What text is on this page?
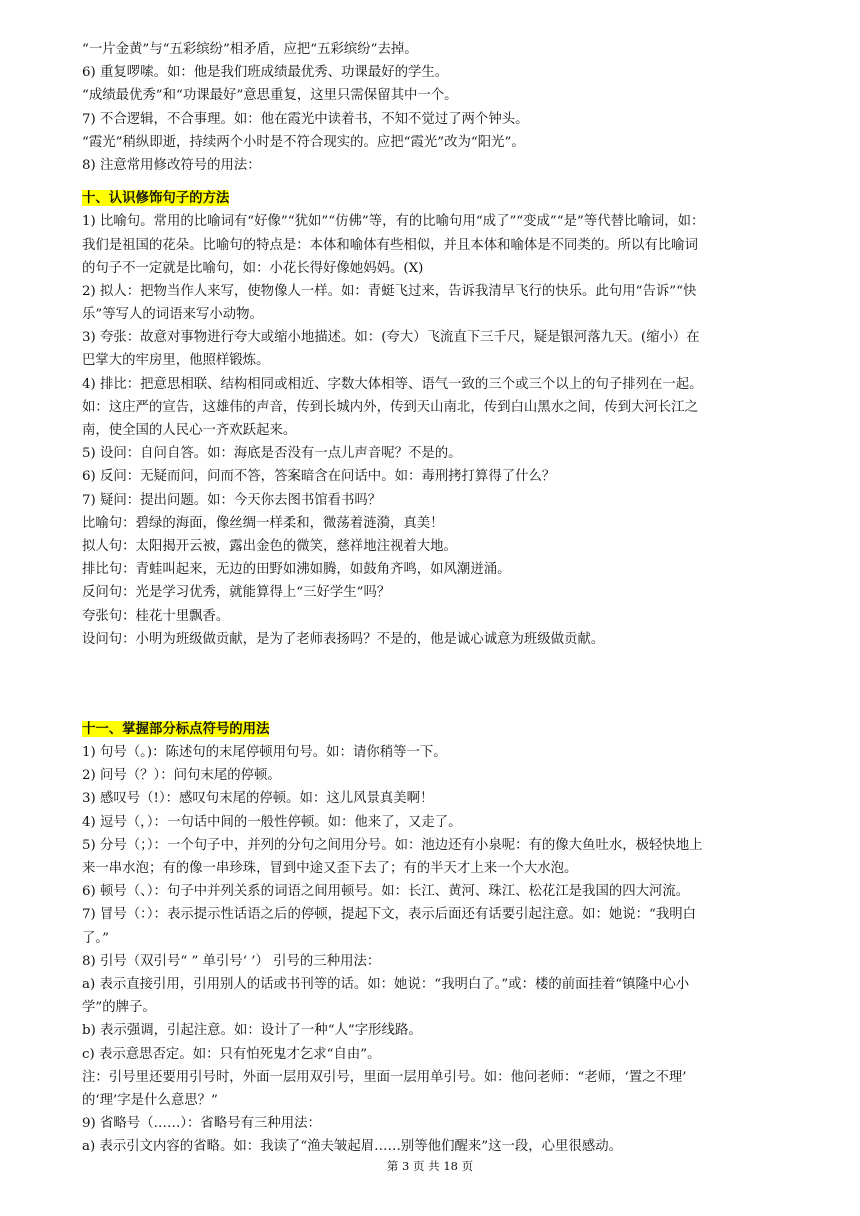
“一片金黄”与“五彩缤纷”相矛盾，应把“五彩缤纷”去掉。
6) 重复啰嗦。如：他是我们班成绩最优秀、功课最好的学生。
“成绩最优秀”和“功课最好”意思重复，这里只需保留其中一个。
7) 不合逻辑，不合事理。如：他在霞光中读着书，不知不觉过了两个钟头。
“霞光”稍纵即逝，持续两个小时是不符合现实的。应把“霞光”改为“阳光”。
8) 注意常用修改符号的用法：
十、认识修饰句子的方法
1) 比喻句。常用的比喻词有“好像”“犹如”“仿佛”等，有的比喻句用“成了”“变成”“是”等代替比喻词，如：
我们是祖国的花朵。比喻句的特点是：本体和喻体有些相似，并且本体和喻体是不同类的。所以有比喻词
的句子不一定就是比喻句，如：小花长得好像她妈妈。(X)
2) 拟人：把物当作人来写，使物像人一样。如：青蜓飞过来，告诉我清早飞行的快乐。此句用“告诉”“快
乐”等写人的词语来写小动物。
3) 夸张：故意对事物进行夸大或缩小地描述。如：(夸大）飞流直下三千尺，疑是银河落九天。(缩小）在
巴掌大的牢房里，他照样锻炼。
4) 排比：把意思相联、结构相同或相近、字数大体相等、语气一致的三个或三个以上的句子排列在一起。
如：这庄严的宣告，这雄伟的声音，传到长城内外，传到天山南北，传到白山黑水之间，传到大河长江之
南，使全国的人民心一齐欢跃起来。
5) 设问：自问自答。如：海底是否没有一点儿声音呢？不是的。
6) 反问：无疑而问，问而不答，答案暗含在问话中。如：毒刑拷打算得了什么？
7) 疑问：提出问题。如：今天你去图书馆看书吗？
比喻句：碧绿的海面，像丝绸一样柔和，微荡着涟漪，真美！
拟人句：太阳揭开云被，露出金色的微笑，慈祥地注视着大地。
排比句：青蛙叫起来，无边的田野如沸如腾，如鼓角齐鸣，如风潮迸涌。
反问句：光是学习优秀，就能算得上“三好学生”吗？
夸张句：桂花十里飘香。
设问句：小明为班级做贡献，是为了老师表扬吗？不是的，他是诚心诚意为班级做贡献。
十一、掌握部分标点符号的用法
1) 句号（。)：陈述句的末尾停顿用句号。如：请你稍等一下。
2) 问号（？）：问句末尾的停顿。
3) 感叹号（!）：感叹句末尾的停顿。如：这儿风景真美啊！
4) 逗号（，）：一句话中间的一般性停顿。如：他来了，又走了。
5) 分号（；）：一个句子中，并列的分句之间用分号。如：池边还有小泉呢：有的像大鱼吐水，极轻快地上
来一串水泡；有的像一串珍珠，冒到中途又歪下去了；有的半天才上来一个大水泡。
6) 顿号（、）：句子中并列关系的词语之间用顿号。如：长江、黄河、珠江、松花江是我国的四大河流。
7) 冒号（：）：表示提示性话语之后的停顿，提起下文，表示后面还有话要引起注意。如：她说：“我明白
了。”
8) 引号（双引号“ ” 单引号‘ ’） 引号的三种用法：
a) 表示直接引用，引用别人的话或书刊等的话。如：她说：“我明白了。”或：楼的前面挂着“镇隆中心小
学”的牌子。
b) 表示强调，引起注意。如：设计了一种“人”字形线路。
c) 表示意思否定。如：只有怕死鬼才乞求“自由”。
注：引号里还要用引号时，外面一层用双引号，里面一层用单引号。如：他问老师：“老师，‘置之不理’
的‘理’字是什么意思？”
9) 省略号（……）：省略号有三种用法：
a) 表示引文内容的省略。如：我读了“渔夫皱起眉……别等他们醒来”这一段，心里很感动。
第 3 页 共 18 页
